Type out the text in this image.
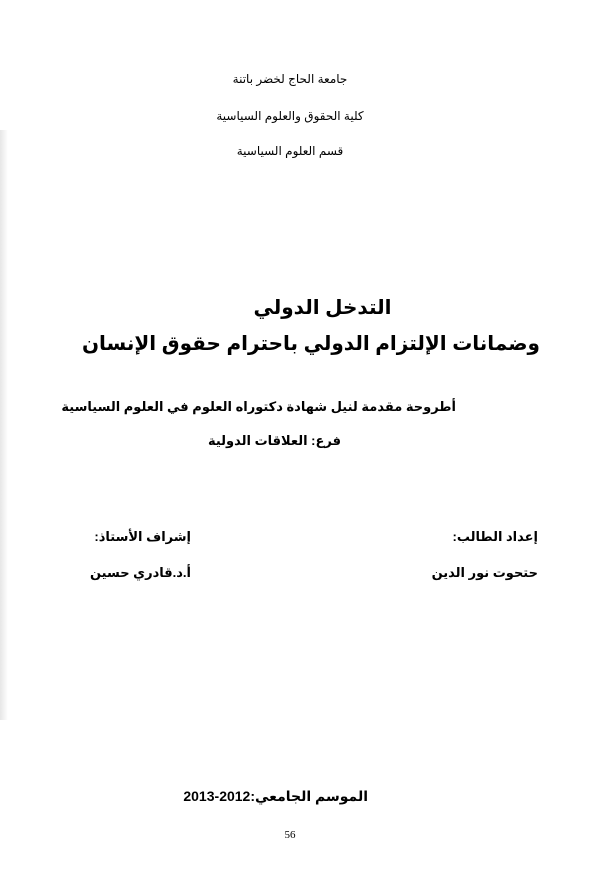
جامعة الحاج لخضر باتنة
كلية الحقوق والعلوم السياسية
قسم العلوم السياسية
التدخل الدولي
وضمانات الإلتزام الدولي باحترام حقوق الإنسان
أطروحة مقدمة لنيل شهادة دكتوراه العلوم في العلوم السياسية
فرع: العلاقات الدولية
إعداد الطالب:
حتحوت نور الدين
إشراف الأستاذ:
أ.د.قادري حسين
الموسم الجامعي:2012-2013
56
